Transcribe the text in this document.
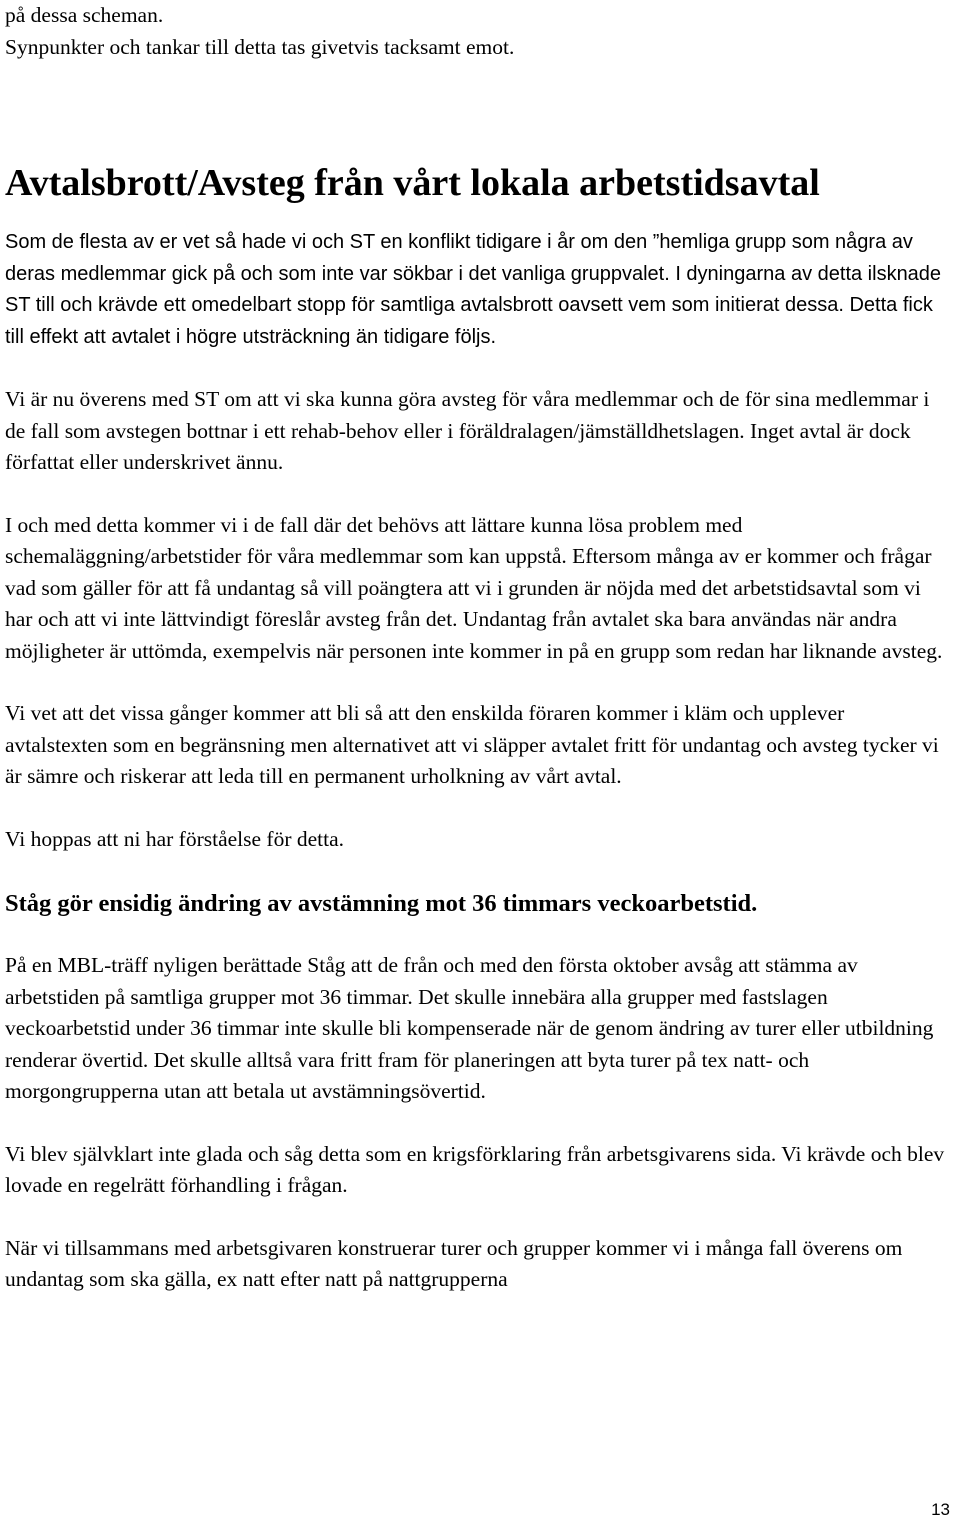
på dessa scheman.

Synpunkter och tankar till detta tas givetvis tacksamt emot.

Avtalsbrott/Avsteg från vårt lokala arbetstidsavtal

Som de flesta av er vet så hade vi och ST en konflikt tidigare i år om den ”hemliga grupp som några av deras medlemmar gick på och som inte var sökbar i det vanliga gruppvalet. I dyningarna av detta ilsknade ST till och krävde ett omedelbart stopp för samtliga avtalsbrott oavsett vem som initierat dessa. Detta fick till effekt att avtalet i högre utsträckning än tidigare följs.

Vi är nu överens med ST om att vi ska kunna göra avsteg för våra medlemmar och de för sina medlemmar i de fall som avstegen bottnar i ett rehab-behov eller i föräldralagen/jämställdhetslagen. Inget avtal är dock författat eller underskrivet ännu.

I och med detta kommer vi i de fall där det behövs att lättare kunna lösa problem med schemaläggning/arbetstider för våra medlemmar som kan uppstå. Eftersom många av er kommer och frågar vad som gäller för att få undantag så vill poängtera att vi i grunden är nöjda med det arbetstidsavtal som vi har och att vi inte lättvindigt föreslår avsteg från det. Undantag från avtalet ska bara användas när andra möjligheter är uttömda, exempelvis när personen inte kommer in på en grupp som redan har liknande avsteg.

Vi vet att det vissa gånger kommer att bli så att den enskilda föraren kommer i kläm och upplever avtalstexten som en begränsning men alternativet att vi släpper avtalet fritt för undantag och avsteg tycker vi är sämre och riskerar att leda till en permanent urholkning av vårt avtal.

Vi hoppas att ni har förståelse för detta.

Ståg gör ensidig ändring av avstämning mot 36 timmars veckoarbetstid.

På en MBL-träff nyligen berättade Ståg att de från och med den första oktober avsåg att stämma av arbetstiden på samtliga grupper mot 36 timmar. Det skulle innebära alla grupper med fastslagen veckoarbetstid under 36 timmar inte skulle bli kompenserade när de genom ändring av turer eller utbildning renderar övertid. Det skulle alltså vara fritt fram för planeringen att byta turer på tex natt- och morgongrupperna utan att betala ut avstämningsövertid.

Vi blev självklart inte glada och såg detta som en krigsförklaring från arbetsgivarens sida. Vi krävde och blev lovade en regelrätt förhandling i frågan.

När vi tillsammans med arbetsgivaren konstruerar turer och grupper kommer vi i många fall överens om undantag som ska gälla, ex natt efter natt på nattgrupperna

13
